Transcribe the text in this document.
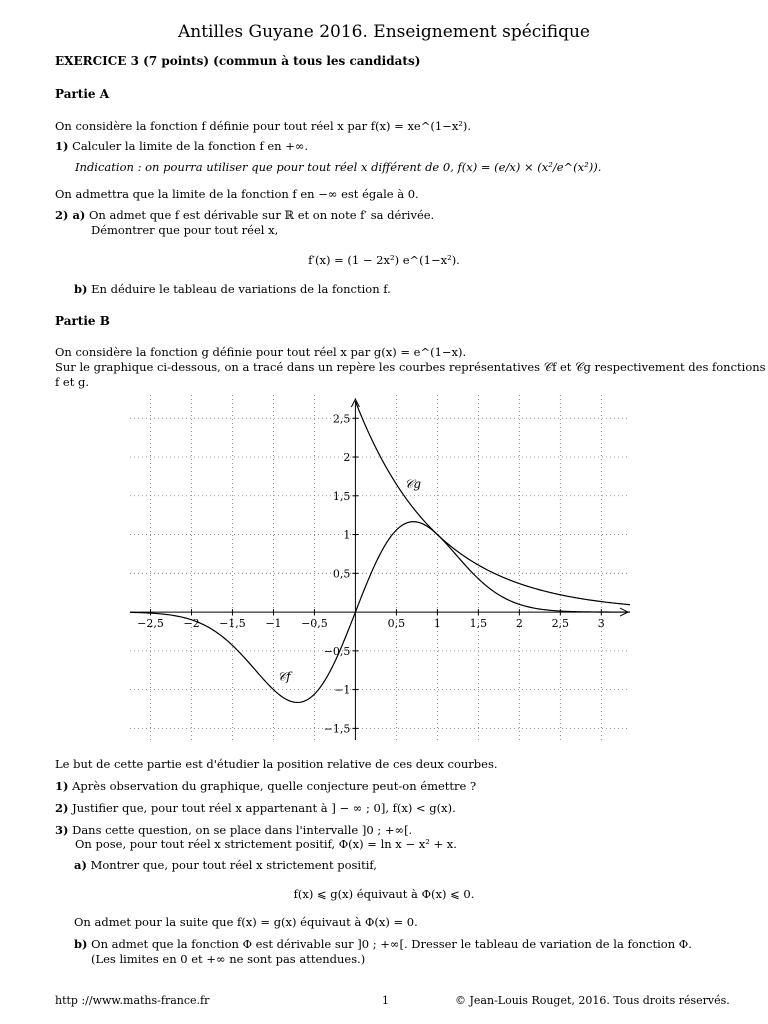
Antilles Guyane 2016. Enseignement spécifique
EXERCICE 3 (7 points) (commun à tous les candidats)
Partie A
On considère la fonction f définie pour tout réel x par f(x) = xe^(1−x²).
1) Calculer la limite de la fonction f en +∞.
Indication : on pourra utiliser que pour tout réel x différent de 0, f(x) = (e/x) × (x²/e^(x²)).
On admettra que la limite de la fonction f en −∞ est égale à 0.
2) a) On admet que f est dérivable sur ℝ et on note f′ sa dérivée.
Démontrer que pour tout réel x,
f′(x) = (1 − 2x²) e^(1−x²).
b) En déduire le tableau de variations de la fonction f.
Partie B
On considère la fonction g définie pour tout réel x par g(x) = e^(1−x).
Sur le graphique ci-dessous, on a tracé dans un repère les courbes représentatives 𝒞f et 𝒞g respectivement des fonctions
f et g.
−2,5 −2 −1,5 −1 −0,5	0,5	1	1,5	2	2,5	3
−1,5
−1
−0,5
0,5
1
1,5
2
2,5
𝒞g
𝒞f
Le but de cette partie est d'étudier la position relative de ces deux courbes.
1) Après observation du graphique, quelle conjecture peut-on émettre ?
2) Justifier que, pour tout réel x appartenant à ] − ∞ ; 0], f(x) < g(x).
3) Dans cette question, on se place dans l'intervalle ]0 ; +∞[.
On pose, pour tout réel x strictement positif, Φ(x) = ln x − x² + x.
a) Montrer que, pour tout réel x strictement positif,
f(x) ⩽ g(x) équivaut à Φ(x) ⩽ 0.
On admet pour la suite que f(x) = g(x) équivaut à Φ(x) = 0.
b) On admet que la fonction Φ est dérivable sur ]0 ; +∞[. Dresser le tableau de variation de la fonction Φ.
(Les limites en 0 et +∞ ne sont pas attendues.)
http ://www.maths-france.fr	1	© Jean-Louis Rouget, 2016. Tous droits réservés.
